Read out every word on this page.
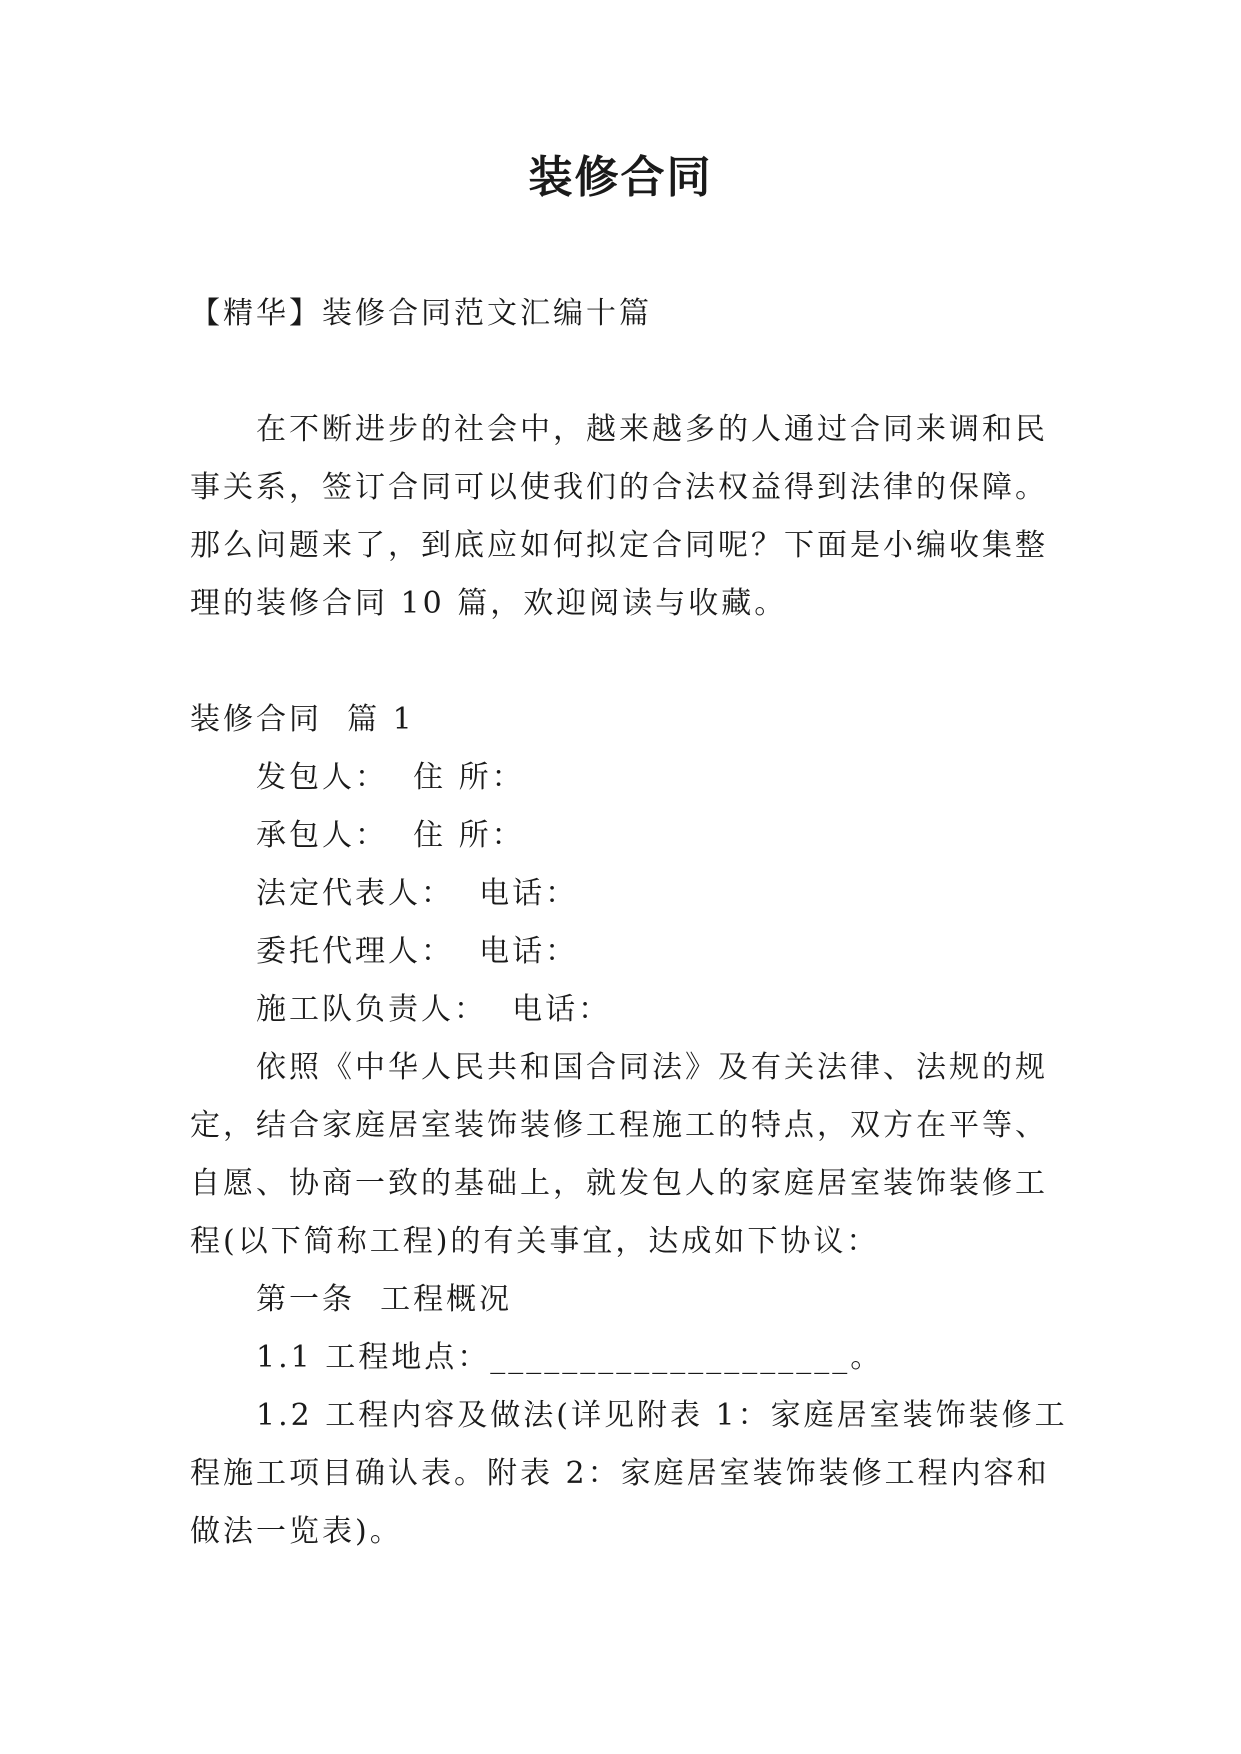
装修合同
【精华】装修合同范文汇编十篇
在不断进步的社会中，越来越多的人通过合同来调和民
事关系，签订合同可以使我们的合法权益得到法律的保障。
那么问题来了，到底应如何拟定合同呢？下面是小编收集整
理的装修合同 10 篇，欢迎阅读与收藏。
装修合同  篇 1
发包人：  住 所：
承包人：  住 所：
法定代表人：  电话：
委托代理人：  电话：
施工队负责人：  电话：
依照《中华人民共和国合同法》及有关法律、法规的规
定，结合家庭居室装饰装修工程施工的特点，双方在平等、
自愿、协商一致的基础上，就发包人的家庭居室装饰装修工
程(以下简称工程)的有关事宜，达成如下协议：
第一条  工程概况
1.1 工程地点：____________________。
1.2 工程内容及做法(详见附表 1：家庭居室装饰装修工
程施工项目确认表。附表 2：家庭居室装饰装修工程内容和
做法一览表)。
